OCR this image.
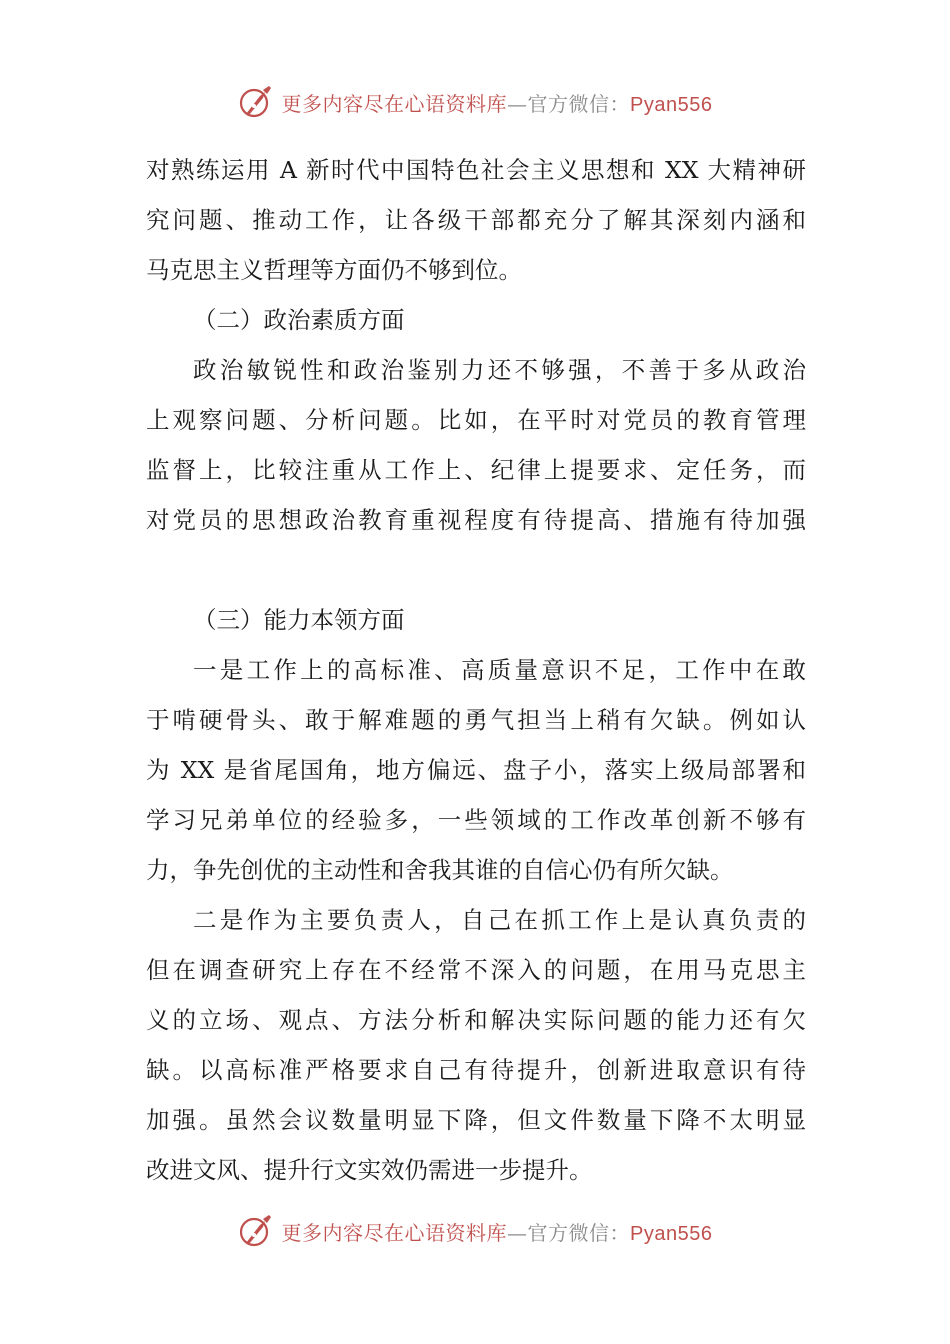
更多内容尽在心语资料库—官方微信：Pyan556
对熟练运用 A 新时代中国特色社会主义思想和 XX 大精神研
究问题、推动工作，让各级干部都充分了解其深刻内涵和
马克思主义哲理等方面仍不够到位。
（二）政治素质方面
政治敏锐性和政治鉴别力还不够强，不善于多从政治
上观察问题、分析问题。比如，在平时对党员的教育管理
监督上，比较注重从工作上、纪律上提要求、定任务，而
对党员的思想政治教育重视程度有待提高、措施有待加强
（三）能力本领方面
一是工作上的高标准、高质量意识不足，工作中在敢
于啃硬骨头、敢于解难题的勇气担当上稍有欠缺。例如认
为 XX 是省尾国角，地方偏远、盘子小，落实上级局部署和
学习兄弟单位的经验多，一些领域的工作改革创新不够有
力，争先创优的主动性和舍我其谁的自信心仍有所欠缺。
二是作为主要负责人，自己在抓工作上是认真负责的
但在调查研究上存在不经常不深入的问题，在用马克思主
义的立场、观点、方法分析和解决实际问题的能力还有欠
缺。以高标准严格要求自己有待提升，创新进取意识有待
加强。虽然会议数量明显下降，但文件数量下降不太明显
改进文风、提升行文实效仍需进一步提升。
更多内容尽在心语资料库—官方微信：Pyan556
